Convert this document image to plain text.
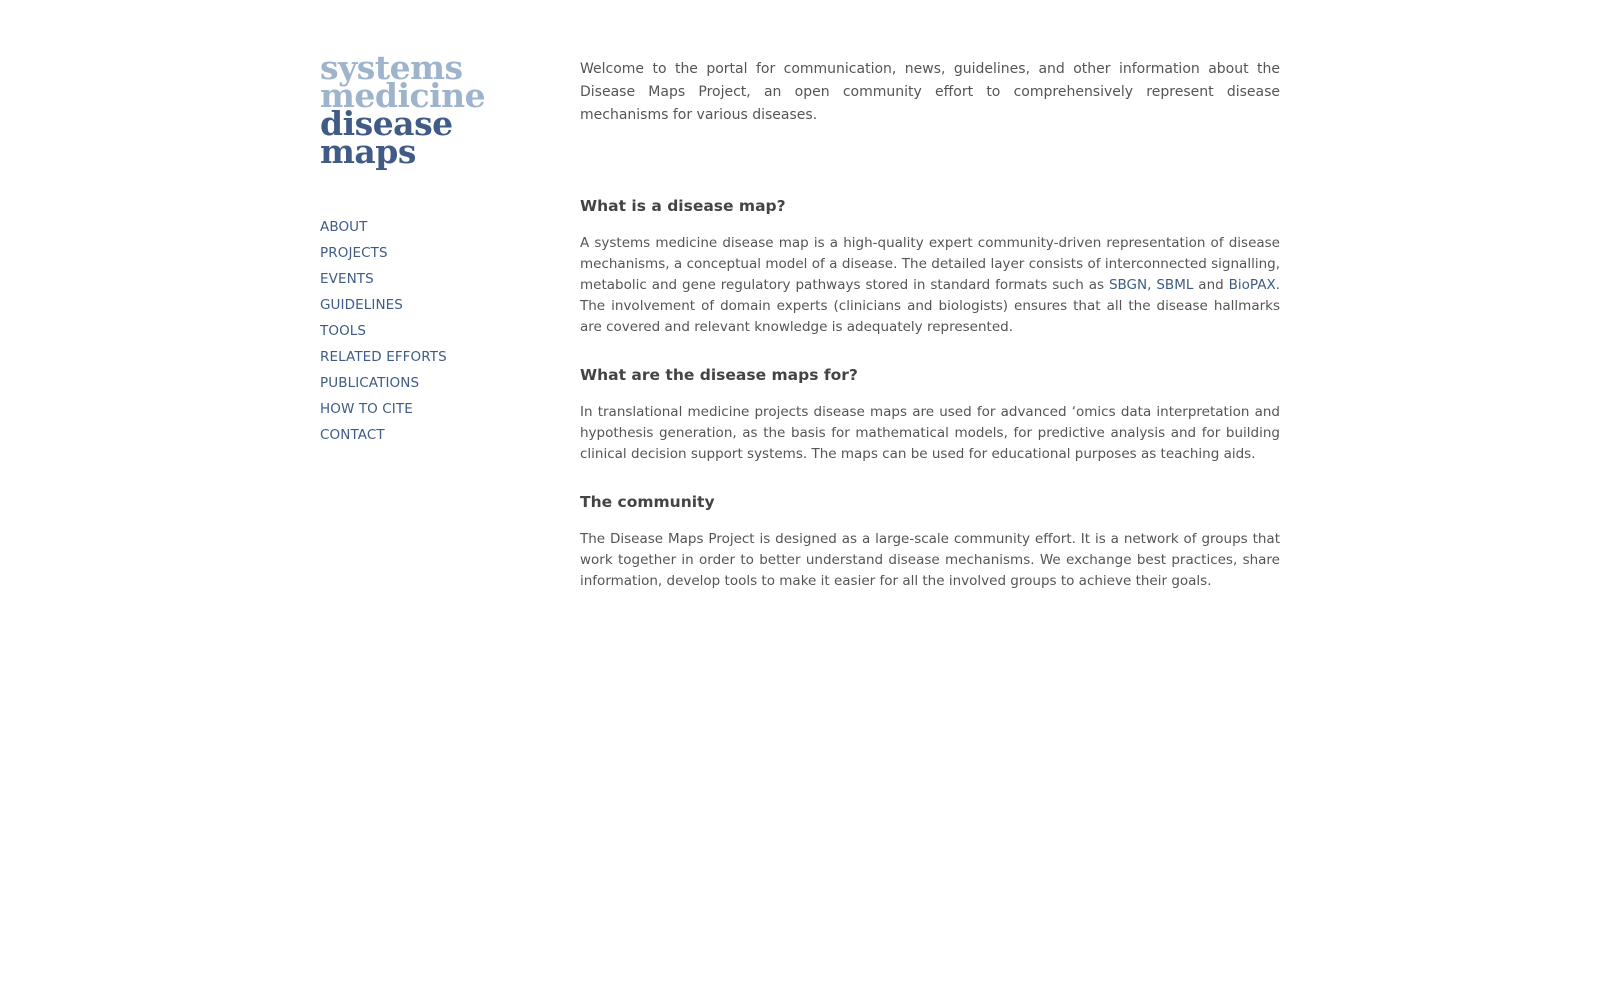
systems
medicine
disease
maps
ABOUT
PROJECTS
EVENTS
GUIDELINES
TOOLS
RELATED EFFORTS
PUBLICATIONS
HOW TO CITE
CONTACT

Welcome to the portal for communication, news, guidelines, and other information about the Disease Maps Project, an open community effort to comprehensively represent disease mechanisms for various diseases.

What is a disease map?

A systems medicine disease map is a high-quality expert community-driven representation of disease mechanisms, a conceptual model of a disease. The detailed layer consists of interconnected signalling, metabolic and gene regulatory pathways stored in standard formats such as SBGN, SBML and BioPAX. The involvement of domain experts (clinicians and biologists) ensures that all the disease hallmarks are covered and relevant knowledge is adequately represented.

What are the disease maps for?

In translational medicine projects disease maps are used for advanced ‘omics data interpretation and hypothesis generation, as the basis for mathematical models, for predictive analysis and for building clinical decision support systems. The maps can be used for educational purposes as teaching aids.

The community

The Disease Maps Project is designed as a large-scale community effort. It is a network of groups that work together in order to better understand disease mechanisms. We exchange best practices, share information, develop tools to make it easier for all the involved groups to achieve their goals.
